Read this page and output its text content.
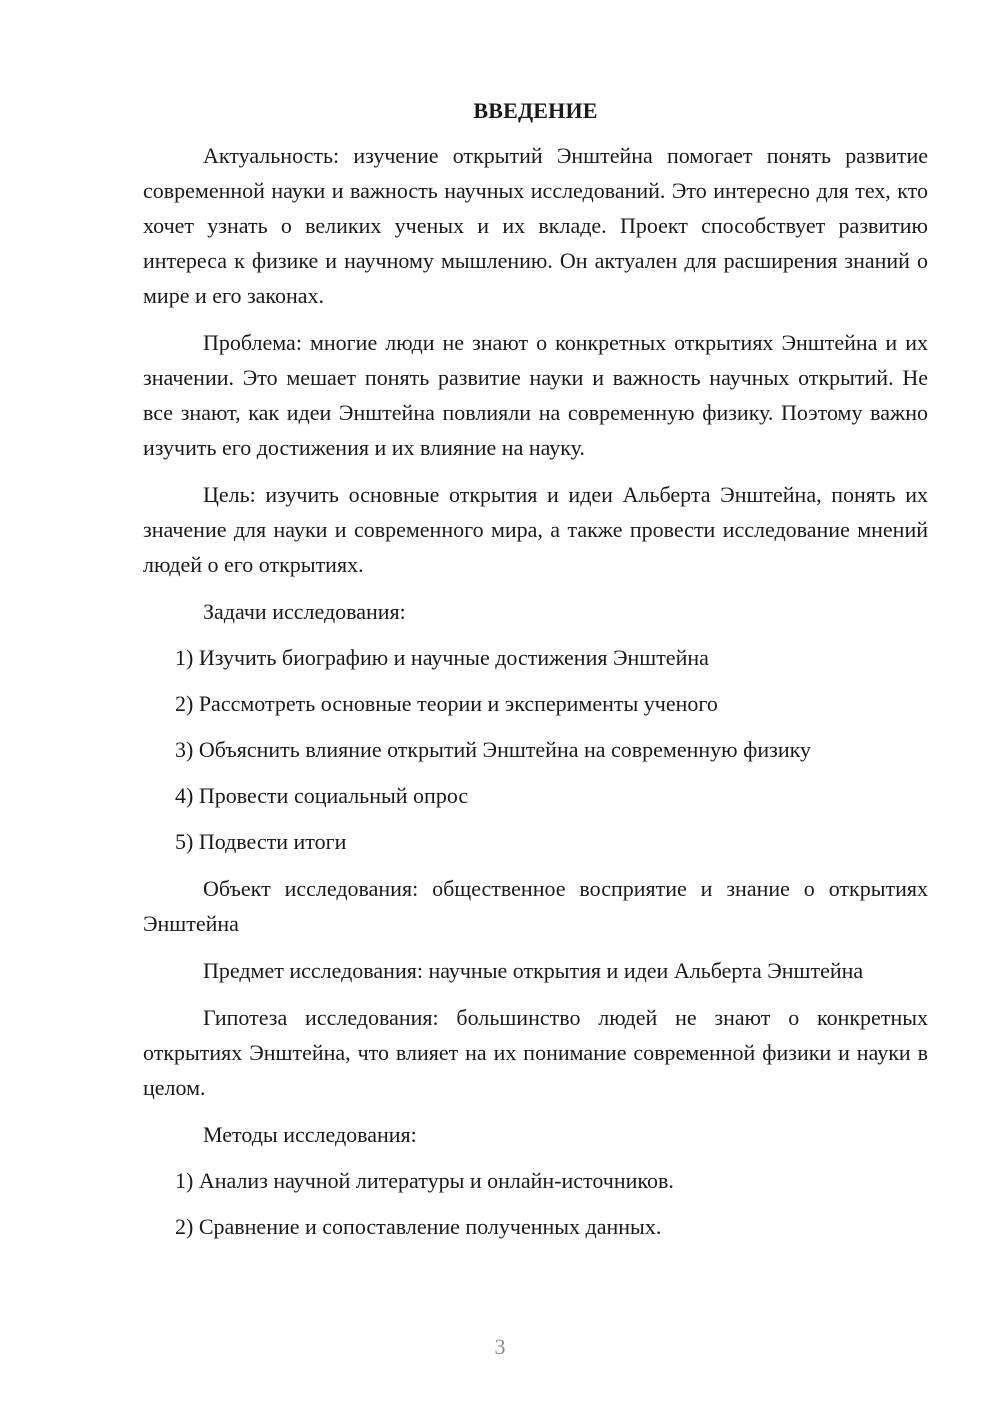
ВВЕДЕНИЕ

Актуальность: изучение открытий Энштейна помогает понять развитие современной науки и важность научных исследований. Это интересно для тех, кто хочет узнать о великих ученых и их вкладе. Проект способствует развитию интереса к физике и научному мышлению. Он актуален для расширения знаний о мире и его законах.

Проблема: многие люди не знают о конкретных открытиях Энштейна и их значении. Это мешает понять развитие науки и важность научных открытий. Не все знают, как идеи Энштейна повлияли на современную физику. Поэтому важно изучить его достижения и их влияние на науку.

Цель: изучить основные открытия и идеи Альберта Энштейна, понять их значение для науки и современного мира, а также провести исследование мнений людей о его открытиях.

Задачи исследования:

1) Изучить биографию и научные достижения Энштейна
2) Рассмотреть основные теории и эксперименты ученого
3) Объяснить влияние открытий Энштейна на современную физику
4) Провести социальный опрос
5) Подвести итоги

Объект исследования: общественное восприятие и знание о открытиях Энштейна

Предмет исследования: научные открытия и идеи Альберта Энштейна

Гипотеза исследования: большинство людей не знают о конкретных открытиях Энштейна, что влияет на их понимание современной физики и науки в целом.

Методы исследования:

1) Анализ научной литературы и онлайн-источников.
2) Сравнение и сопоставление полученных данных.
3
